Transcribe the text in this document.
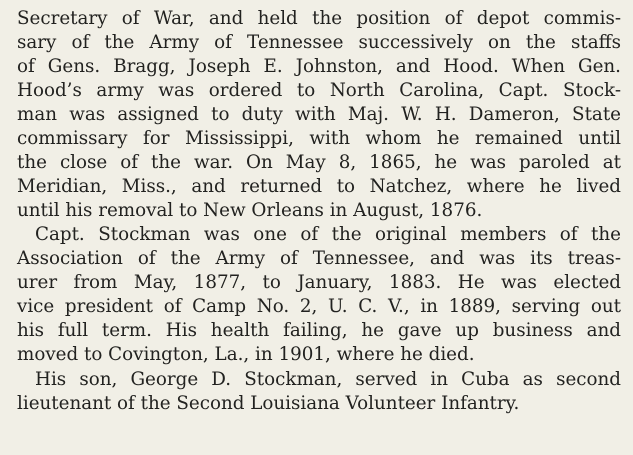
Secretary of War, and held the position of depot commis-
sary of the Army of Tennessee successively on the staffs
of Gens. Bragg, Joseph E. Johnston, and Hood. When Gen.
Hood’s army was ordered to North Carolina, Capt. Stock-
man was assigned to duty with Maj. W. H. Dameron, State
commissary for Mississippi, with whom he remained until
the close of the war. On May 8, 1865, he was paroled at
Meridian, Miss., and returned to Natchez, where he lived
until his removal to New Orleans in August, 1876.
Capt. Stockman was one of the original members of the
Association of the Army of Tennessee, and was its treas-
urer from May, 1877, to January, 1883. He was elected
vice president of Camp No. 2, U. C. V., in 1889, serving out
his full term. His health failing, he gave up business and
moved to Covington, La., in 1901, where he died.
His son, George D. Stockman, served in Cuba as second
lieutenant of the Second Louisiana Volunteer Infantry.
